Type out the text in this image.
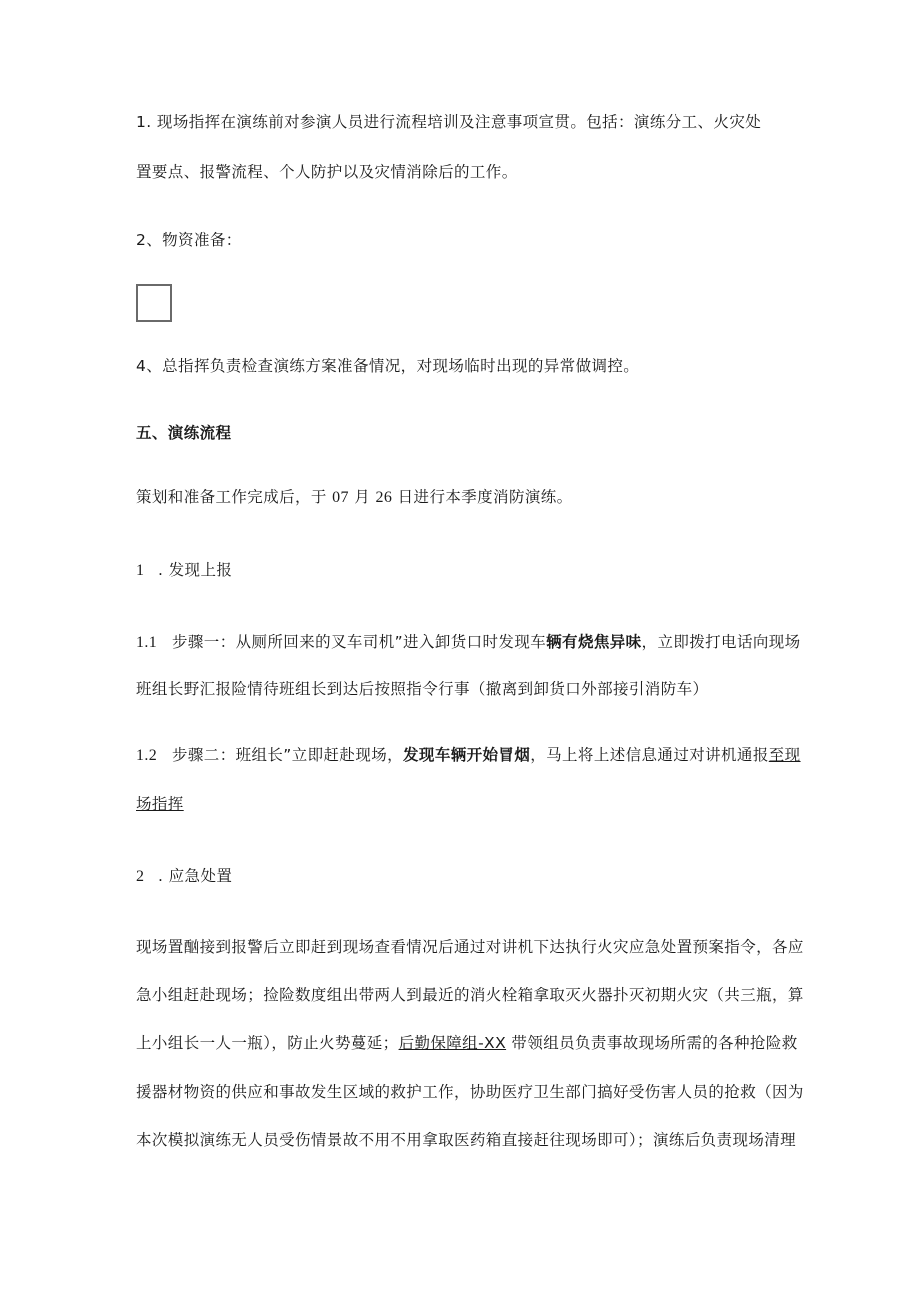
1. 现场指挥在演练前对参演人员进行流程培训及注意事项宣贯。包括：演练分工、火灾处
置要点、报警流程、个人防护以及灾情消除后的工作。
2、物资准备：
4、总指挥负责检查演练方案准备情况，对现场临时出现的异常做调控。
五、演练流程
策划和准备工作完成后，于 07 月 26 日进行本季度消防演练。
1 . 发现上报
1.1 步骤一：从厕所回来的叉车司机”进入卸货口时发现车辆有烧焦异味，立即拨打电话向现场
班组长野汇报险情待班组长到达后按照指令行事（撤离到卸货口外部接引消防车）
1.2 步骤二：班组长”立即赶赴现场，发现车辆开始冒烟，马上将上述信息通过对讲机通报至现
场指挥
2 . 应急处置
现场置酗接到报警后立即赶到现场查看情况后通过对讲机下达执行火灾应急处置预案指令，各应
急小组赶赴现场；捡险数度组出带两人到最近的消火栓箱拿取灭火器扑灭初期火灾（共三瓶，算
上小组长一人一瓶），防止火势蔓延；后勤保障组-XX 带领组员负责事故现场所需的各种抢险救
援器材物资的供应和事故发生区域的救护工作，协助医疗卫生部门搞好受伤害人员的抢救（因为
本次模拟演练无人员受伤情景故不用不用拿取医药箱直接赶往现场即可）；演练后负责现场清理
